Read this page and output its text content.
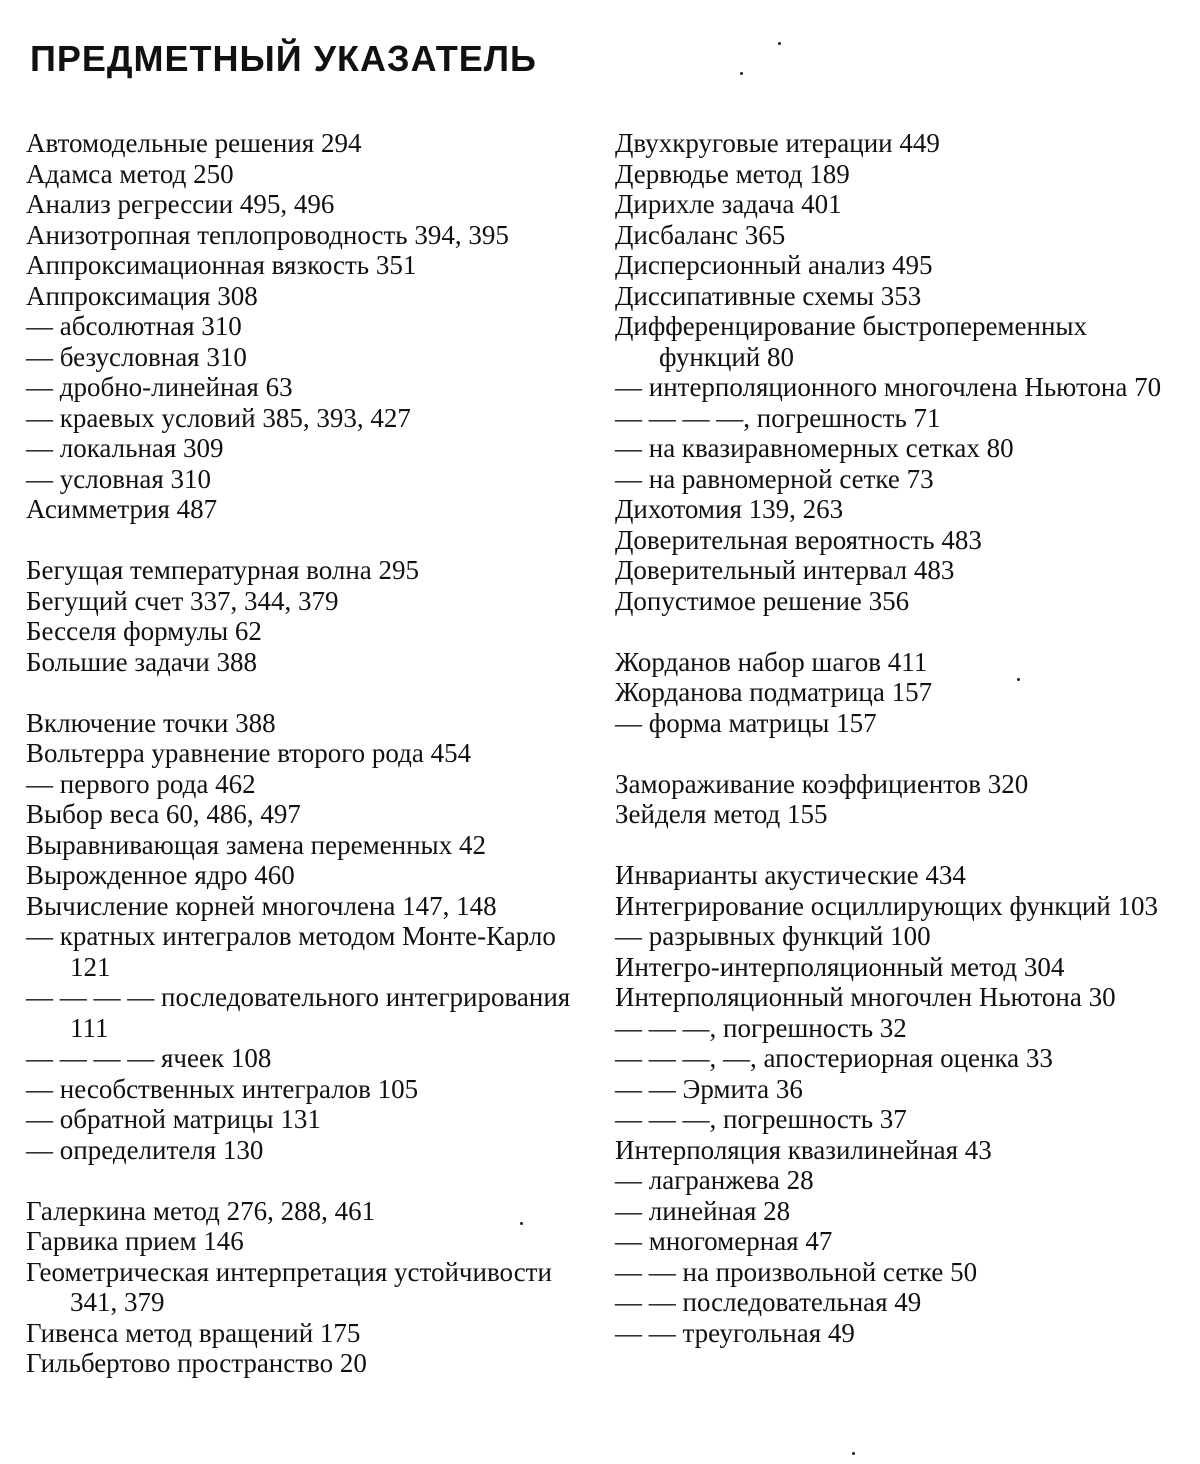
ПРЕДМЕТНЫЙ УКАЗАТЕЛЬ
Автомодельные решения 294
Адамса метод 250
Анализ регрессии 495, 496
Анизотропная теплопроводность 394, 395
Аппроксимационная вязкость 351
Аппроксимация 308
— абсолютная 310
— безусловная 310
— дробно-линейная 63
— краевых условий 385, 393, 427
— локальная 309
— условная 310
Асимметрия 487
Бегущая температурная волна 295
Бегущий счет 337, 344, 379
Бесселя формулы 62
Большие задачи 388
Включение точки 388
Вольтерра уравнение второго рода 454
— первого рода 462
Выбор веса 60, 486, 497
Выравнивающая замена переменных 42
Вырожденное ядро 460
Вычисление корней многочлена 147, 148
— кратных интегралов методом Монте-Карло 121
— — — — последовательного интегрирования 111
— — — — ячеек 108
— несобственных интегралов 105
— обратной матрицы 131
— определителя 130
Галеркина метод 276, 288, 461
Гарвика прием 146
Геометрическая интерпретация устойчивости 341, 379
Гивенса метод вращений 175
Гильбертово пространство 20
Двухкруговые итерации 449
Дервюдье метод 189
Дирихле задача 401
Дисбаланс 365
Дисперсионный анализ 495
Диссипативные схемы 353
Дифференцирование быстропеременных функций 80
— интерполяционного многочлена Ньютона 70
— — — —, погрешность 71
— на квазиравномерных сетках 80
— на равномерной сетке 73
Дихотомия 139, 263
Доверительная вероятность 483
Доверительный интервал 483
Допустимое решение 356
Жорданов набор шагов 411
Жорданова подматрица 157
— форма матрицы 157
Замораживание коэффициентов 320
Зейделя метод 155
Инварианты акустические 434
Интегрирование осциллирующих функций 103
— разрывных функций 100
Интегро-интерполяционный метод 304
Интерполяционный многочлен Ньютона 30
— — —, погрешность 32
— — —, —, апостериорная оценка 33
— — Эрмита 36
— — —, погрешность 37
Интерполяция квазилинейная 43
— лагранжева 28
— линейная 28
— многомерная 47
— — на произвольной сетке 50
— — последовательная 49
— — треугольная 49
